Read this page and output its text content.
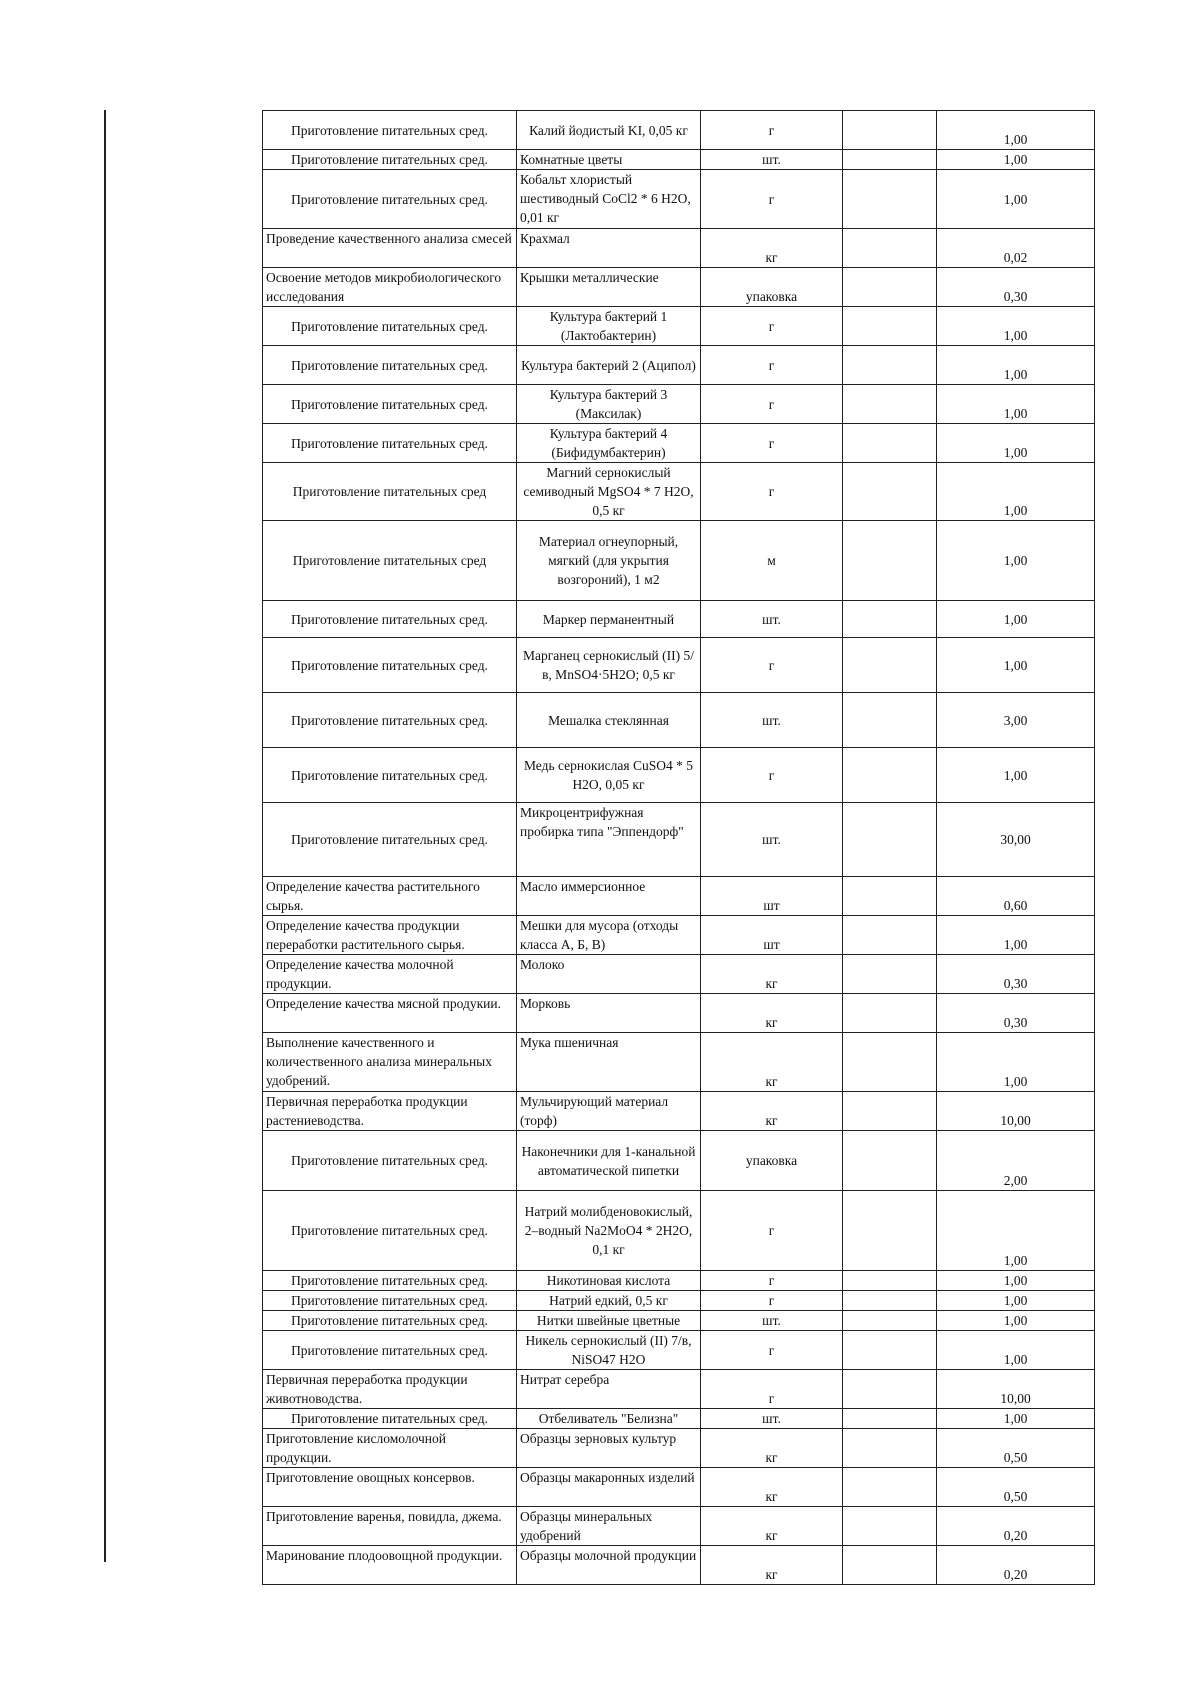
Приготовление питательных сред.	Калий йодистый KI, 0,05 кг	г		1,00
Приготовление питательных сред.	Комнатные цветы	шт.		1,00
Приготовление питательных сред.	Кобальт хлористый шестиводный CoCl2 * 6 H2O, 0,01 кг	г		1,00
Проведение качественного анализа смесей	Крахмал	кг		0,02
Освоение методов микробиологического исследования	Крышки металлические	упаковка		0,30
Приготовление питательных сред.	Культура бактерий 1 (Лактобактерин)	г		1,00
Приготовление питательных сред.	Культура бактерий 2 (Аципол)	г		1,00
Приготовление питательных сред.	Культура бактерий 3 (Максилак)	г		1,00
Приготовление питательных сред.	Культура бактерий 4 (Бифидумбактерин)	г		1,00
Приготовление питательных сред	Магний сернокислый семиводный MgSO4 * 7 H2O, 0,5 кг	г		1,00
Приготовление питательных сред	Материал огнеупорный, мягкий (для укрытия возгороний), 1 м2	м		1,00
Приготовление питательных сред.	Маркер перманентный	шт.		1,00
Приготовление питательных сред.	Марганец сернокислый (II) 5/в, MnSO4·5H2O; 0,5 кг	г		1,00
Приготовление питательных сред.	Мешалка стеклянная	шт.		3,00
Приготовление питательных сред.	Медь сернокислая CuSO4 * 5 H2O, 0,05 кг	г		1,00
Приготовление питательных сред.	Микроцентрифужная пробирка типа "Эппендорф"	шт.		30,00
Определение качества растительного сырья.	Масло иммерсионное	шт		0,60
Определение качества продукции переработки растительного сырья.	Мешки для мусора (отходы класса А, Б, В)	шт		1,00
Определение качества молочной продукции.	Молоко	кг		0,30
Определение качества мясной продукии.	Морковь	кг		0,30
Выполнение качественного и количественного анализа минеральных удобрений.	Мука пшеничная	кг		1,00
Первичная переработка продукции растениеводства.	Мульчирующий материал (торф)	кг		10,00
Приготовление питательных сред.	Наконечники для 1-канальной автоматической пипетки	упаковка		2,00
Приготовление питательных сред.	Натрий молибденовокислый, 2–водный Na2MoO4 * 2H2O, 0,1 кг	г		1,00
Приготовление питательных сред.	Никотиновая кислота	г		1,00
Приготовление питательных сред.	Натрий едкий, 0,5 кг	г		1,00
Приготовление питательных сред.	Нитки швейные цветные	шт.		1,00
Приготовление питательных сред.	Никель сернокислый (II) 7/в, NiSO47 H2O	г		1,00
Первичная переработка продукции животноводства.	Нитрат серебра	г		10,00
Приготовление питательных сред.	Отбеливатель "Белизна"	шт.		1,00
Приготовление кисломолочной продукции.	Образцы зерновых культур	кг		0,50
Приготовление овощных консервов.	Образцы макаронных изделий	кг		0,50
Приготовление варенья, повидла, джема.	Образцы минеральных удобрений	кг		0,20
Маринование плодоовощной продукции.	Образцы молочной продукции	кг		0,20
